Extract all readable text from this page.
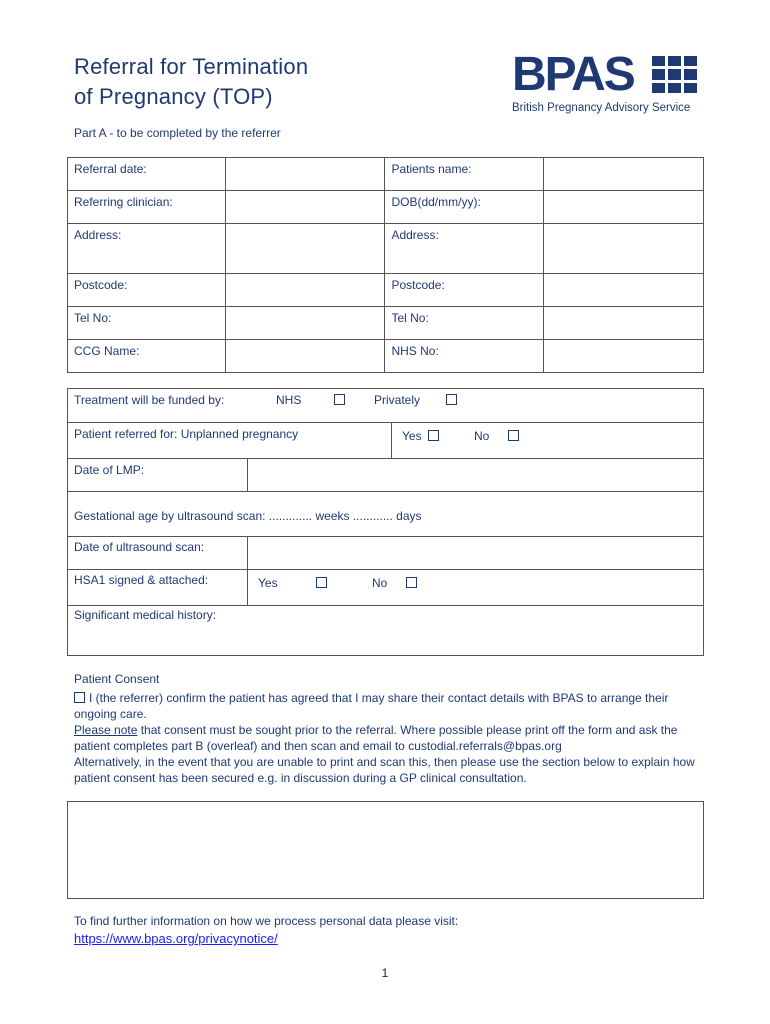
Referral for Termination
of Pregnancy (TOP)	BPAS
British Pregnancy Advisory Service
Part A - to be completed by the referrer
Referral date:		Patients name:	
Referring clinician:		DOB(dd/mm/yy):	
Address:		Address:	
Postcode:		Postcode:	
Tel No:		Tel No:	
CCG Name:		NHS No:	
Treatment will be funded by:	NHS	Privately
Patient referred for: Unplanned pregnancy	Yes	No
Date of LMP:
Gestational age by ultrasound scan: ............. weeks ............ days
Date of ultrasound scan:
HSA1 signed & attached:	Yes	No
Significant medical history:

Patient Consent

I (the referrer) confirm the patient has agreed that I may share their contact details with BPAS to arrange their ongoing care.

Please note that consent must be sought prior to the referral. Where possible please print off the form and ask the patient completes part B (overleaf) and then scan and email to custodial.referrals@bpas.org

Alternatively, in the event that you are unable to print and scan this, then please use the section below to explain how patient consent has been secured e.g. in discussion during a GP clinical consultation.

To find further information on how we process personal data please visit:
https://www.bpas.org/privacynotice/
1
